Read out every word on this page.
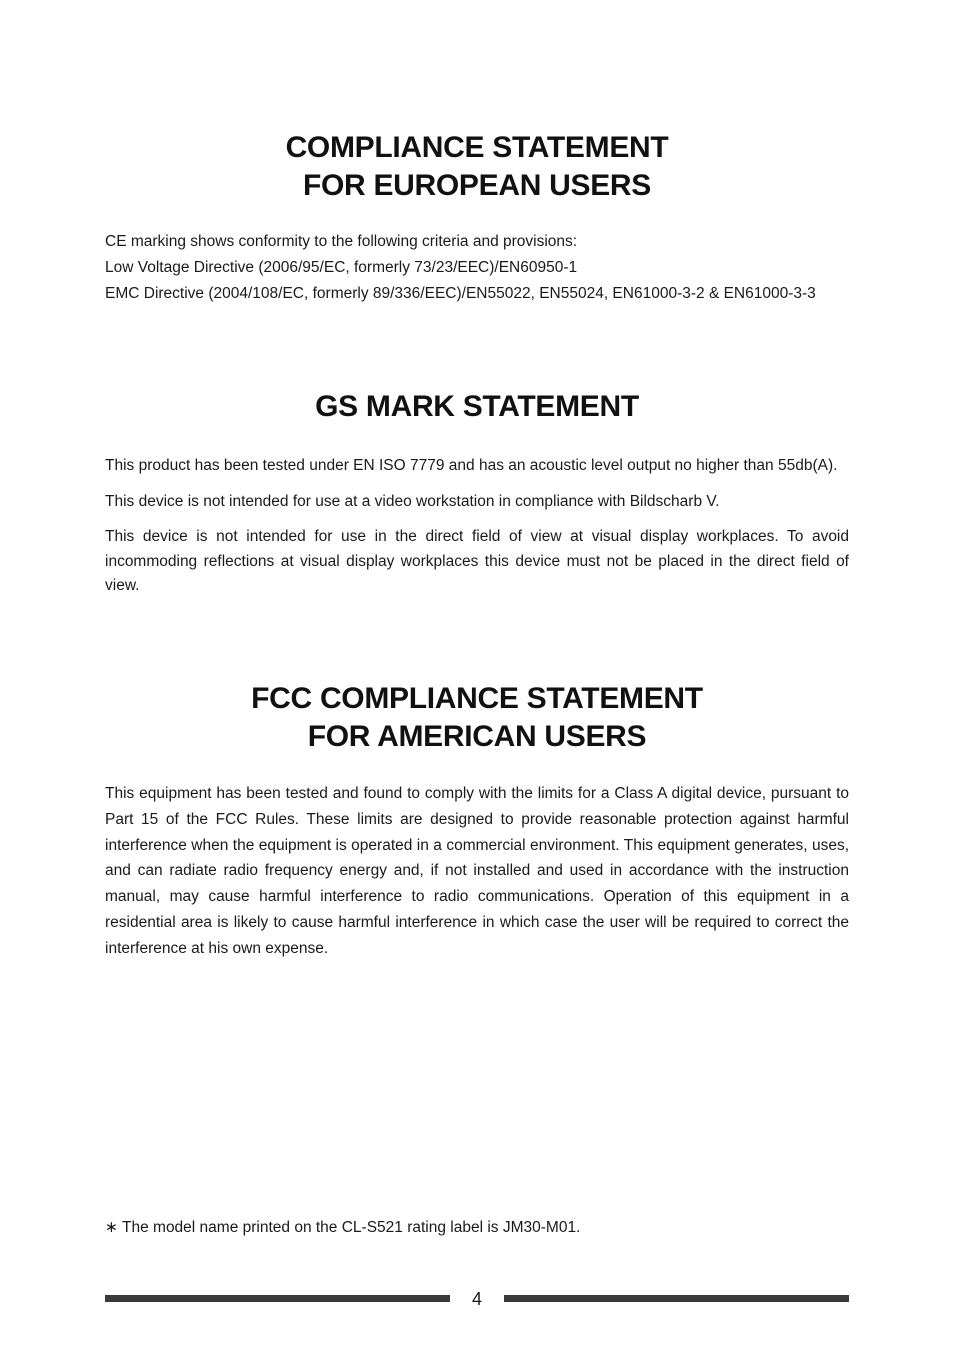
COMPLIANCE STATEMENT
FOR EUROPEAN USERS

CE marking shows conformity to the following criteria and provisions:
Low Voltage Directive (2006/95/EC, formerly 73/23/EEC)/EN60950-1
EMC Directive (2004/108/EC, formerly 89/336/EEC)/EN55022, EN55024, EN61000-3-2 & EN61000-3-3

GS MARK STATEMENT

This product has been tested under EN ISO 7779 and has an acoustic level output no higher than 55db(A).

This device is not intended for use at a video workstation in compliance with Bildscharb V.

This device is not intended for use in the direct field of view at visual display workplaces. To avoid incommoding reflections at visual display workplaces this device must not be placed in the direct field of view.

FCC COMPLIANCE STATEMENT
FOR AMERICAN USERS

This equipment has been tested and found to comply with the limits for a Class A digital device, pursuant to Part 15 of the FCC Rules. These limits are designed to provide reasonable protection against harmful interference when the equipment is operated in a commercial environment. This equipment generates, uses, and can radiate radio frequency energy and, if not installed and used in accordance with the instruction manual, may cause harmful interference to radio communications. Operation of this equipment in a residential area is likely to cause harmful interference in which case the user will be required to correct the interference at his own expense.

∗ The model name printed on the CL-S521 rating label is JM30-M01.
4
